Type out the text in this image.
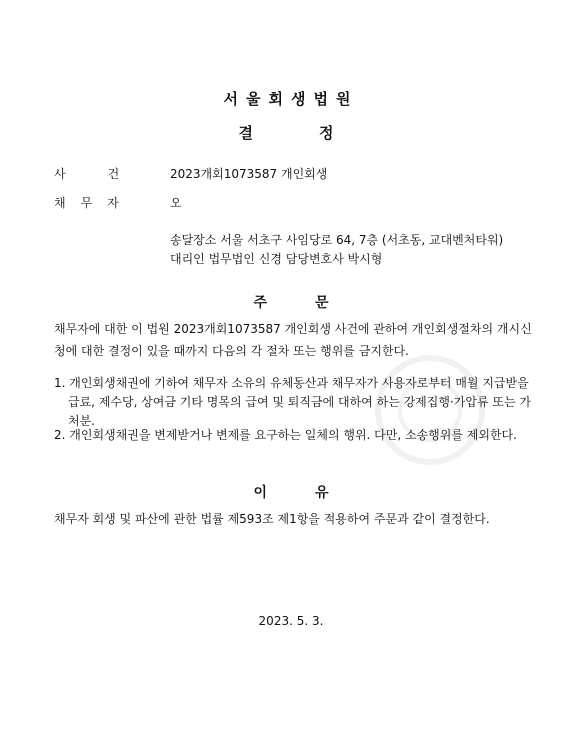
서울회생법원
결정
사건 2023개회1073587 개인회생
채무자	오
송달장소 서울 서초구 사임당로 64, 7층 (서초동, 교대벤처타워)
대리인 법무법인 신경 담당변호사 박시형
주문
채무자에 대한 이 법원 2023개회1073587 개인회생 사건에 관하여 개인회생절차의 개시신청에 대한 결정이 있을 때까지 다음의 각 절차 또는 행위를 금지한다.
1. 개인회생채권에 기하여 채무자 소유의 유체동산과 채무자가 사용자로부터 매월 지급받을 급료, 제수당, 상여금 기타 명목의 급여 및 퇴직금에 대하여 하는 강제집행·가압류 또는 가처분.
2. 개인회생채권을 변제받거나 변제를 요구하는 일체의 행위. 다만, 소송행위를 제외한다.
이유
채무자 회생 및 파산에 관한 법률 제593조 제1항을 적용하여 주문과 같이 결정한다.
2023. 5. 3.
